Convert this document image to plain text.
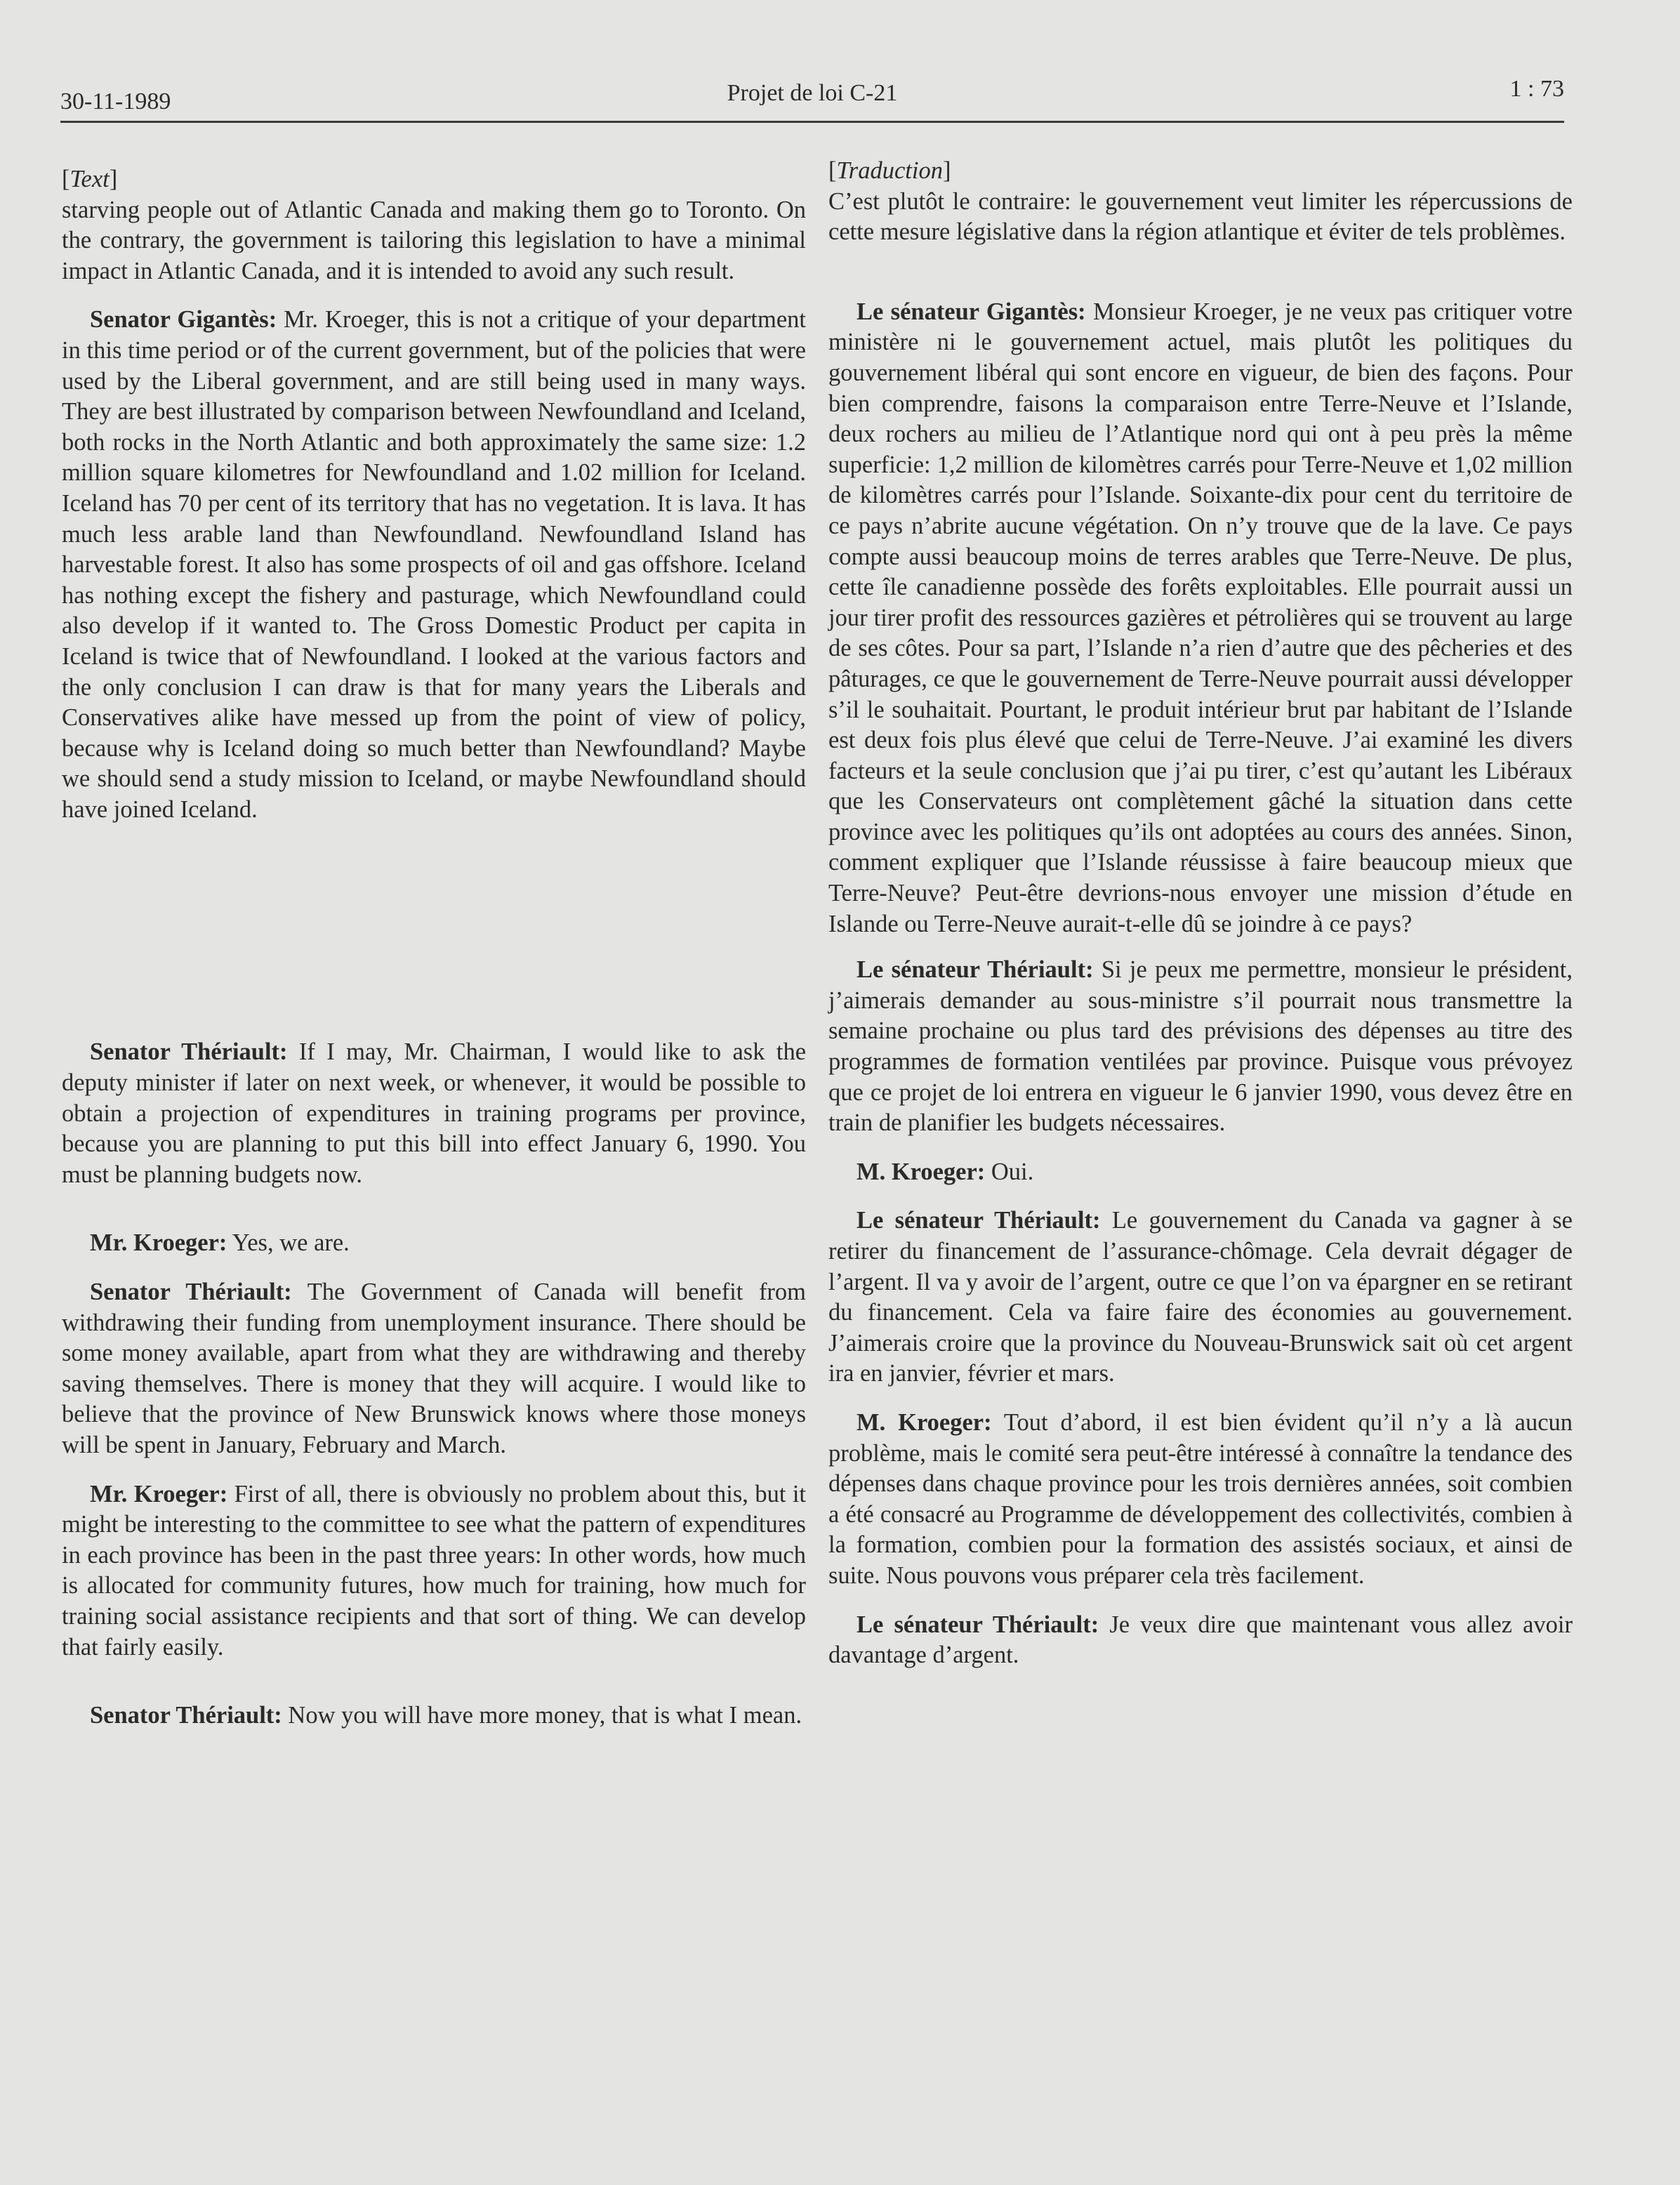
30-11-1989	Projet de loi C-21	1 : 73

[Text]

starving people out of Atlantic Canada and making them go to Toronto. On the contrary, the government is tailoring this legislation to have a minimal impact in Atlantic Canada, and it is intended to avoid any such result.

Senator Gigantès: Mr. Kroeger, this is not a critique of your department in this time period or of the current government, but of the policies that were used by the Liberal government, and are still being used in many ways. They are best illustrated by comparison between Newfoundland and Iceland, both rocks in the North Atlantic and both approximately the same size: 1.2 million square kilometres for Newfoundland and 1.02 million for Iceland. Iceland has 70 per cent of its territory that has no vegetation. It is lava. It has much less arable land than Newfoundland. Newfoundland Island has harvestable forest. It also has some prospects of oil and gas offshore. Iceland has nothing except the fishery and pasturage, which Newfoundland could also develop if it wanted to. The Gross Domestic Product per capita in Iceland is twice that of Newfoundland. I looked at the various factors and the only conclusion I can draw is that for many years the Liberals and Conservatives alike have messed up from the point of view of policy, because why is Iceland doing so much better than Newfoundland? Maybe we should send a study mission to Iceland, or maybe Newfoundland should have joined Iceland.

Senator Thériault: If I may, Mr. Chairman, I would like to ask the deputy minister if later on next week, or whenever, it would be possible to obtain a projection of expenditures in training programs per province, because you are planning to put this bill into effect January 6, 1990. You must be planning budgets now.

Mr. Kroeger: Yes, we are.

Senator Thériault: The Government of Canada will benefit from withdrawing their funding from unemployment insurance. There should be some money available, apart from what they are withdrawing and thereby saving themselves. There is money that they will acquire. I would like to believe that the province of New Brunswick knows where those moneys will be spent in January, February and March.

Mr. Kroeger: First of all, there is obviously no problem about this, but it might be interesting to the committee to see what the pattern of expenditures in each province has been in the past three years: In other words, how much is allocated for community futures, how much for training, how much for training social assistance recipients and that sort of thing. We can develop that fairly easily.

Senator Thériault: Now you will have more money, that is what I mean.

[Traduction]

C’est plutôt le contraire: le gouvernement veut limiter les répercussions de cette mesure législative dans la région atlantique et éviter de tels problèmes.

Le sénateur Gigantès: Monsieur Kroeger, je ne veux pas critiquer votre ministère ni le gouvernement actuel, mais plutôt les politiques du gouvernement libéral qui sont encore en vigueur, de bien des façons. Pour bien comprendre, faisons la comparaison entre Terre-Neuve et l’Islande, deux rochers au milieu de l’Atlantique nord qui ont à peu près la même superficie: 1,2 million de kilomètres carrés pour Terre-Neuve et 1,02 million de kilomètres carrés pour l’Islande. Soixante-dix pour cent du territoire de ce pays n’abrite aucune végétation. On n’y trouve que de la lave. Ce pays compte aussi beaucoup moins de terres arables que Terre-Neuve. De plus, cette île canadienne possède des forêts exploitables. Elle pourrait aussi un jour tirer profit des ressources gazières et pétrolières qui se trouvent au large de ses côtes. Pour sa part, l’Islande n’a rien d’autre que des pêcheries et des pâturages, ce que le gouvernement de Terre-Neuve pourrait aussi développer s’il le souhaitait. Pourtant, le produit intérieur brut par habitant de l’Islande est deux fois plus élevé que celui de Terre-Neuve. J’ai examiné les divers facteurs et la seule conclusion que j’ai pu tirer, c’est qu’autant les Libéraux que les Conservateurs ont complètement gâché la situation dans cette province avec les politiques qu’ils ont adoptées au cours des années. Sinon, comment expliquer que l’Islande réussisse à faire beaucoup mieux que Terre-Neuve? Peut-être devrions-nous envoyer une mission d’étude en Islande ou Terre-Neuve aurait-t-elle dû se joindre à ce pays?

Le sénateur Thériault: Si je peux me permettre, monsieur le président, j’aimerais demander au sous-ministre s’il pourrait nous transmettre la semaine prochaine ou plus tard des prévisions des dépenses au titre des programmes de formation ventilées par province. Puisque vous prévoyez que ce projet de loi entrera en vigueur le 6 janvier 1990, vous devez être en train de planifier les budgets nécessaires.

M. Kroeger: Oui.

Le sénateur Thériault: Le gouvernement du Canada va gagner à se retirer du financement de l’assurance-chômage. Cela devrait dégager de l’argent. Il va y avoir de l’argent, outre ce que l’on va épargner en se retirant du financement. Cela va faire faire des économies au gouvernement. J’aimerais croire que la province du Nouveau-Brunswick sait où cet argent ira en janvier, février et mars.

M. Kroeger: Tout d’abord, il est bien évident qu’il n’y a là aucun problème, mais le comité sera peut-être intéressé à connaître la tendance des dépenses dans chaque province pour les trois dernières années, soit combien a été consacré au Programme de développement des collectivités, combien à la formation, combien pour la formation des assistés sociaux, et ainsi de suite. Nous pouvons vous préparer cela très facilement.

Le sénateur Thériault: Je veux dire que maintenant vous allez avoir davantage d’argent.
